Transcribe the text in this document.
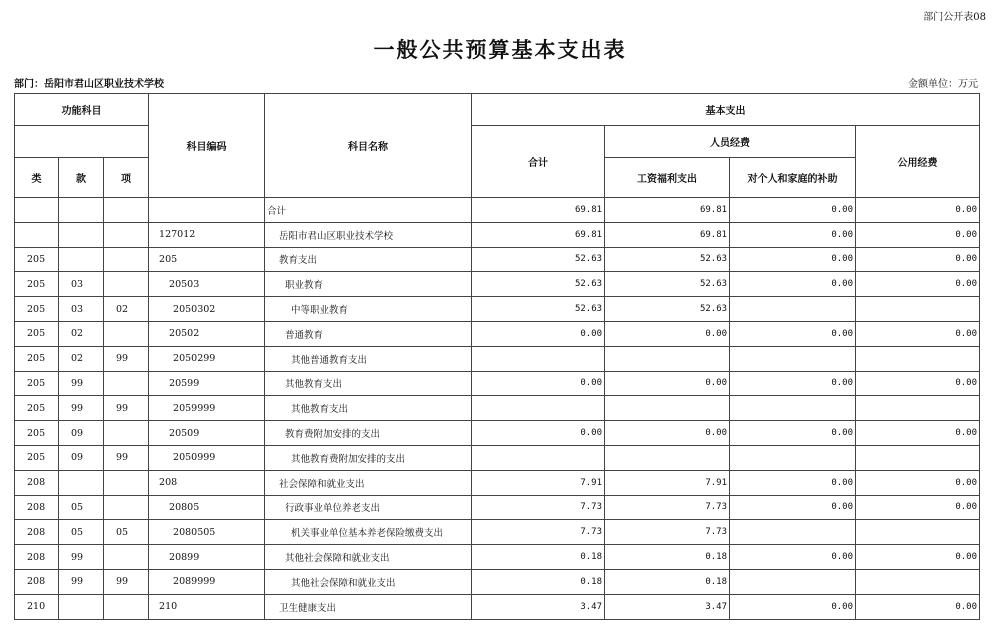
部门公开表08
一般公共预算基本支出表
部门：岳阳市君山区职业技术学校	金额单位：万元
功能科目			科目编码	科目名称	基本支出			
					合计	人员经费		公用经费
类	款	项				工资福利支出	对个人和家庭的补助	
				合计	69.81	69.81	0.00	0.00
			127012	岳阳市君山区职业技术学校	69.81	69.81	0.00	0.00
205			205	教育支出	52.63	52.63	0.00	0.00
205	03		20503	职业教育	52.63	52.63	0.00	0.00
205	03	02	2050302	中等职业教育	52.63	52.63		
205	02		20502	普通教育	0.00	0.00	0.00	0.00
205	02	99	2050299	其他普通教育支出				
205	99		20599	其他教育支出	0.00	0.00	0.00	0.00
205	99	99	2059999	其他教育支出				
205	09		20509	教育费附加安排的支出	0.00	0.00	0.00	0.00
205	09	99	2050999	其他教育费附加安排的支出				
208			208	社会保障和就业支出	7.91	7.91	0.00	0.00
208	05		20805	行政事业单位养老支出	7.73	7.73	0.00	0.00
208	05	05	2080505	机关事业单位基本养老保险缴费支出	7.73	7.73		
208	99		20899	其他社会保障和就业支出	0.18	0.18	0.00	0.00
208	99	99	2089999	其他社会保障和就业支出	0.18	0.18		
210			210	卫生健康支出	3.47	3.47	0.00	0.00
